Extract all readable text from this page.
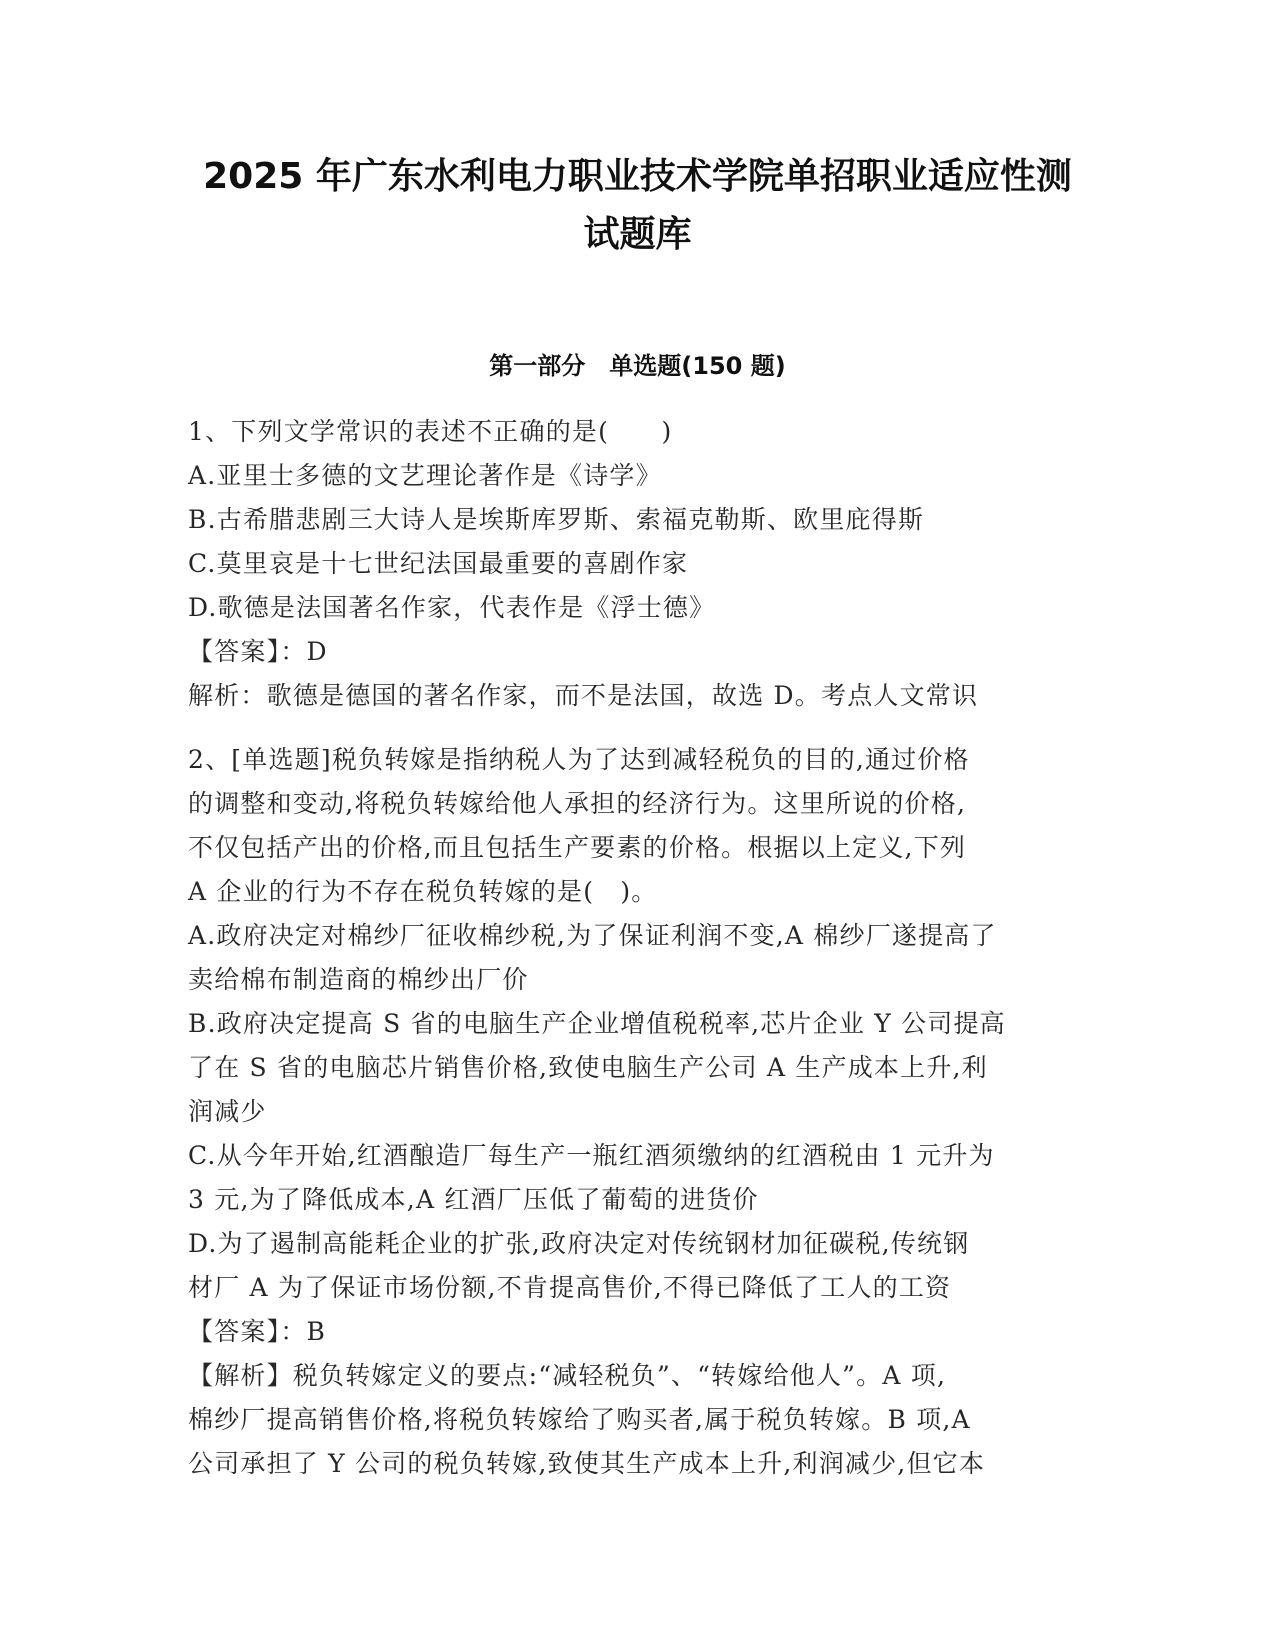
2025 年广东水利电力职业技术学院单招职业适应性测
试题库
第一部分　单选题(150 题)
1、下列文学常识的表述不正确的是(　　)
A.亚里士多德的文艺理论著作是《诗学》
B.古希腊悲剧三大诗人是埃斯库罗斯、索福克勒斯、欧里庇得斯
C.莫里哀是十七世纪法国最重要的喜剧作家
D.歌德是法国著名作家，代表作是《浮士德》
【答案】：D
解析：歌德是德国的著名作家，而不是法国，故选 D。考点人文常识
2、[单选题]税负转嫁是指纳税人为了达到减轻税负的目的,通过价格
的调整和变动,将税负转嫁给他人承担的经济行为。这里所说的价格,
不仅包括产出的价格,而且包括生产要素的价格。根据以上定义,下列
A 企业的行为不存在税负转嫁的是(　)。
A.政府决定对棉纱厂征收棉纱税,为了保证利润不变,A 棉纱厂遂提高了
卖给棉布制造商的棉纱出厂价
B.政府决定提高 S 省的电脑生产企业增值税税率,芯片企业 Y 公司提高
了在 S 省的电脑芯片销售价格,致使电脑生产公司 A 生产成本上升,利
润减少
C.从今年开始,红酒酿造厂每生产一瓶红酒须缴纳的红酒税由 1 元升为
3 元,为了降低成本,A 红酒厂压低了葡萄的进货价
D.为了遏制高能耗企业的扩张,政府决定对传统钢材加征碳税,传统钢
材厂 A 为了保证市场份额,不肯提高售价,不得已降低了工人的工资
【答案】：B
【解析】税负转嫁定义的要点:“减轻税负”、“转嫁给他人”。A 项,
棉纱厂提高销售价格,将税负转嫁给了购买者,属于税负转嫁。B 项,A
公司承担了 Y 公司的税负转嫁,致使其生产成本上升,利润减少,但它本
